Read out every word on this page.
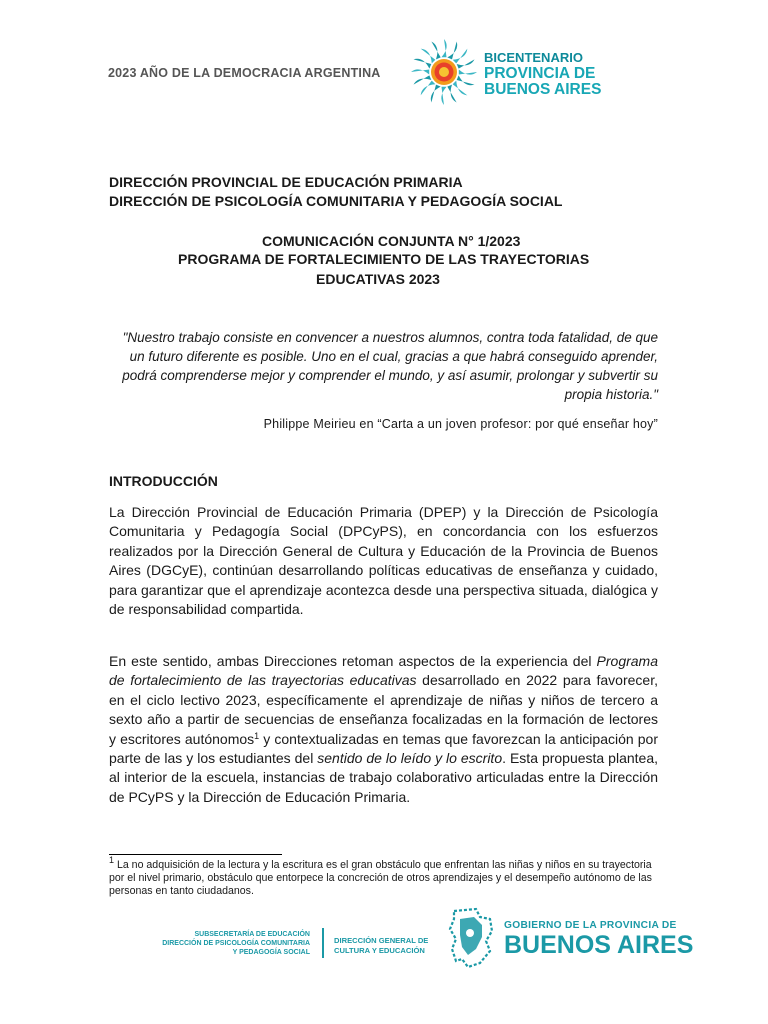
2023 AÑO DE LA DEMOCRACIA ARGENTINA
BICENTENARIO
PROVINCIA DE
BUENOS AIRES
DIRECCIÓN PROVINCIAL DE EDUCACIÓN PRIMARIA
DIRECCIÓN DE PSICOLOGÍA COMUNITARIA Y PEDAGOGÍA SOCIAL
COMUNICACIÓN CONJUNTA N° 1/2023
PROGRAMA DE FORTALECIMIENTO DE LAS TRAYECTORIAS
EDUCATIVAS 2023
"Nuestro trabajo consiste en convencer a nuestros alumnos, contra toda fatalidad, de que un futuro diferente es posible. Uno en el cual, gracias a que habrá conseguido aprender, podrá comprenderse mejor y comprender el mundo, y así asumir, prolongar y subvertir su propia historia."
Philippe Meirieu en “Carta a un joven profesor: por qué enseñar hoy”
INTRODUCCIÓN
La Dirección Provincial de Educación Primaria (DPEP) y la Dirección de Psicología Comunitaria y Pedagogía Social (DPCyPS), en concordancia con los esfuerzos realizados por la Dirección General de Cultura y Educación de la Provincia de Buenos Aires (DGCyE), continúan desarrollando políticas educativas de enseñanza y cuidado, para garantizar que el aprendizaje acontezca desde una perspectiva situada, dialógica y de responsabilidad compartida.
En este sentido, ambas Direcciones retoman aspectos de la experiencia del Programa de fortalecimiento de las trayectorias educativas desarrollado en 2022 para favorecer, en el ciclo lectivo 2023, específicamente el aprendizaje de niñas y niños de tercero a sexto año a partir de secuencias de enseñanza focalizadas en la formación de lectores y escritores autónomos$^1$ y contextualizadas en temas que favorezcan la anticipación por parte de las y los estudiantes del sentido de lo leído y lo escrito. Esta propuesta plantea, al interior de la escuela, instancias de trabajo colaborativo articuladas entre la Dirección de PCyPS y la Dirección de Educación Primaria.
$^1$ La no adquisición de la lectura y la escritura es el gran obstáculo que enfrentan las niñas y niños en su trayectoria por el nivel primario, obstáculo que entorpece la concreción de otros aprendizajes y el desempeño autónomo de las personas en tanto ciudadanos.
SUBSECRETARÍA DE EDUCACIÓN
DIRECCIÓN DE PSICOLOGÍA COMUNITARIA
Y PEDAGOGÍA SOCIAL
DIRECCIÓN GENERAL DE
CULTURA Y EDUCACIÓN
GOBIERNO DE LA PROVINCIA DE
BUENOS AIRES
